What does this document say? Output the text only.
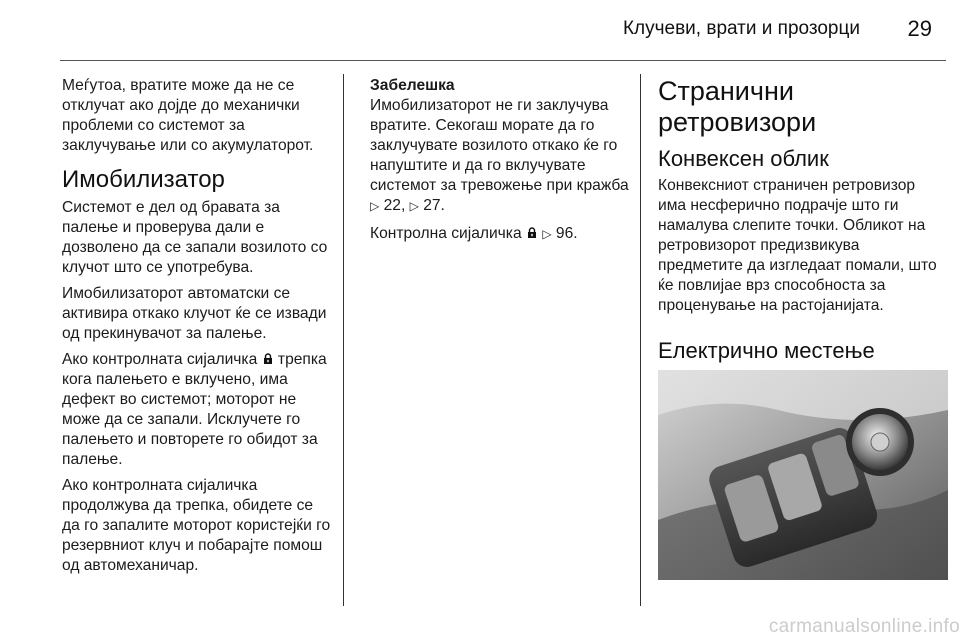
Клучеви, врати и прозорци	29

Меѓутоа, вратите може да не се отклучат ако дојде до механички проблеми со системот за заклучување или со акумулаторот.

Имобилизатор

Системот е дел од бравата за палење и проверува дали е дозволено да се запали возилото со клучот што се употребува.

Имобилизаторот автоматски се активира откако клучот ќе се извади од прекинувачот за палење.

Ако контролната сијаличка  трепка кога палењето е вклучено, има дефект во системот; моторот не може да се запали. Исклучете го палењето и повторете го обидот за палење.

Ако контролната сијаличка продолжува да трепка, обидете се да го запалите моторот користејќи го резервниот клуч и побарајте помош од автомеханичар.

Забелешка
Имобилизаторот не ги заклучува вратите. Секогаш морате да го заклучувате возилото откако ќе го напуштите и да го вклучувате системот за тревожење при кражба ▷ 22, ▷ 27.

Контролна сијаличка  ▷ 96.

Странични ретровизори
Конвексен облик

Конвексниот страничен ретровизор има несферично подрачје што ги намалува слепите точки. Обликот на ретровизорот предизвикува предметите да изгледаат помали, што ќе повлијае врз способноста за проценување на растојанијата.

Електрично местење
carmanualsonline.info
